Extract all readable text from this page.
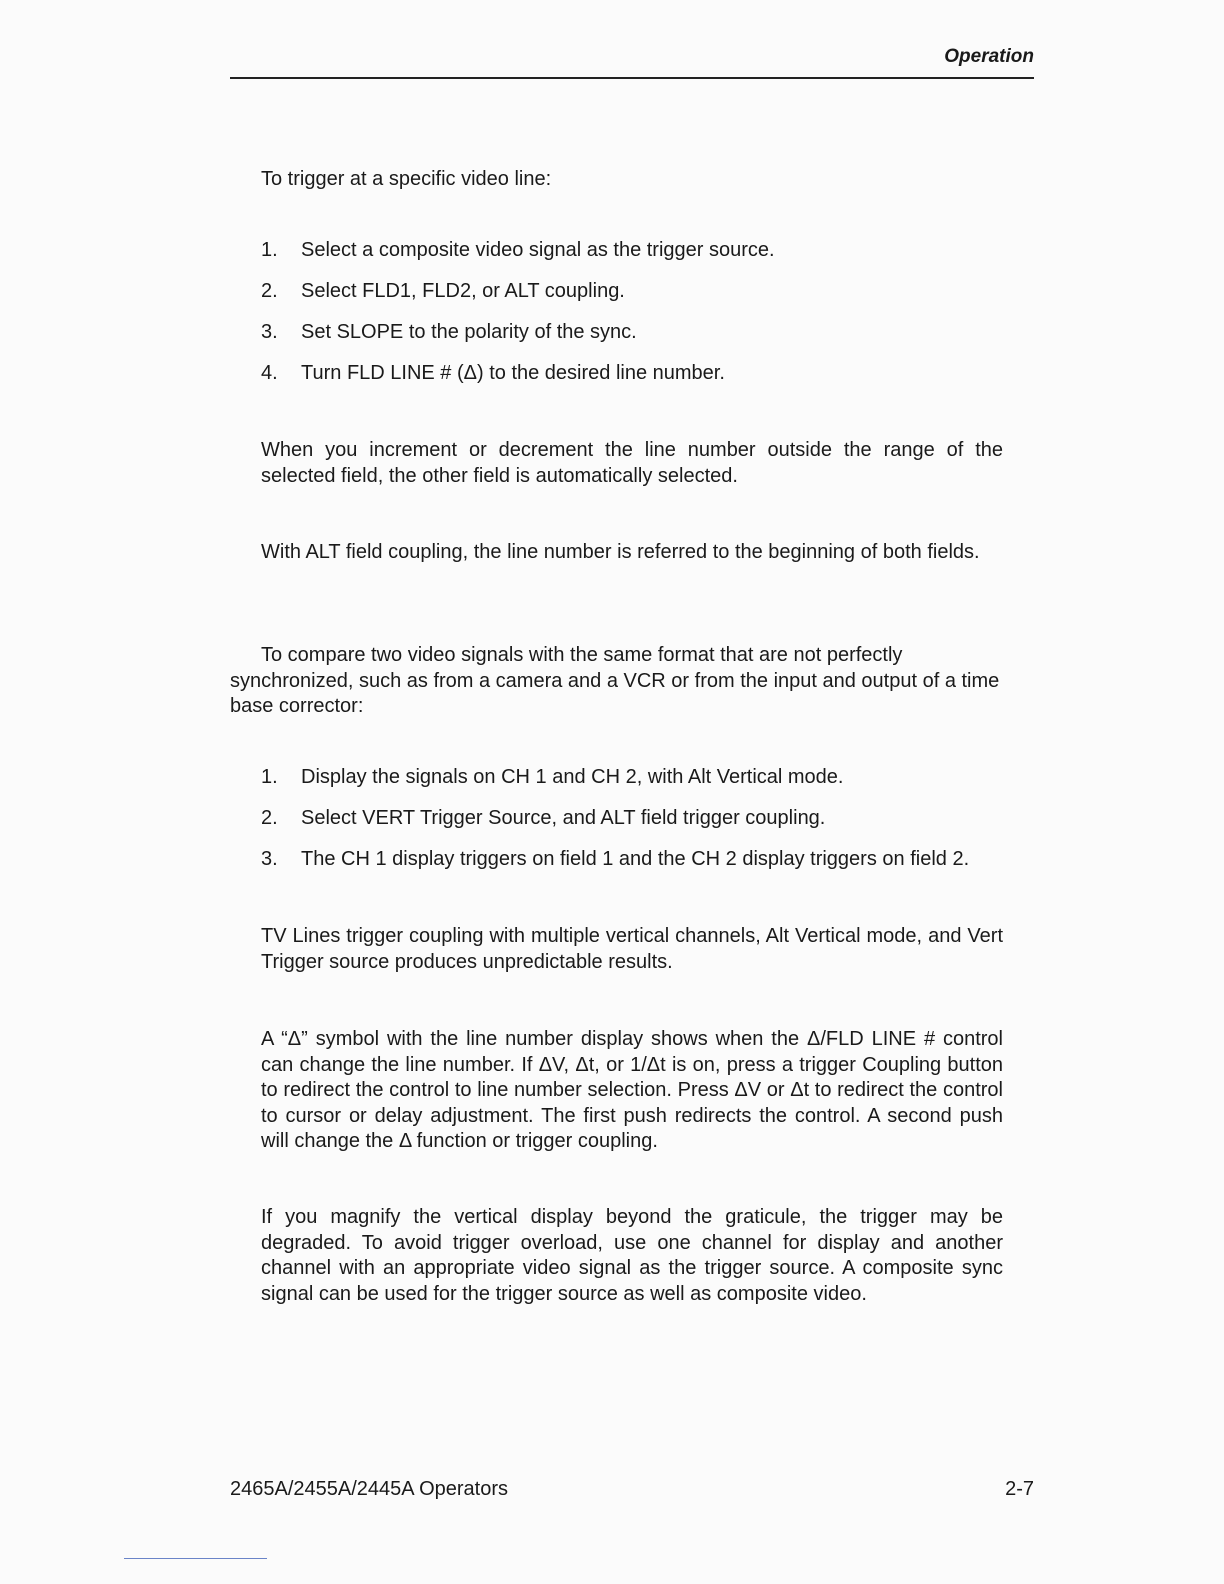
Operation

To trigger at a specific video line:

1. Select a composite video signal as the trigger source.
2. Select FLD1, FLD2, or ALT coupling.
3. Set SLOPE to the polarity of the sync.
4. Turn FLD LINE # (Δ) to the desired line number.

When you increment or decrement the line number outside the range of the selected field, the other field is automatically selected.

With ALT field coupling, the line number is referred to the beginning of both fields.

To compare two video signals with the same format that are not perfectly synchronized, such as from a camera and a VCR or from the input and output of a time base corrector:

1. Display the signals on CH 1 and CH 2, with Alt Vertical mode.
2. Select VERT Trigger Source, and ALT field trigger coupling.
3. The CH 1 display triggers on field 1 and the CH 2 display triggers on field 2.

TV Lines trigger coupling with multiple vertical channels, Alt Vertical mode, and Vert Trigger source produces unpredictable results.

A “Δ” symbol with the line number display shows when the Δ/FLD LINE # control can change the line number. If ΔV, Δt, or 1/Δt is on, press a trigger Coupling button to redirect the control to line number selection. Press ΔV or Δt to redirect the control to cursor or delay adjustment. The first push redirects the control. A second push will change the Δ function or trigger coupling.

If you magnify the vertical display beyond the graticule, the trigger may be degraded. To avoid trigger overload, use one channel for display and another channel with an appropriate video signal as the trigger source. A composite sync signal can be used for the trigger source as well as composite video.

2465A/2455A/2445A Operators	2-7
